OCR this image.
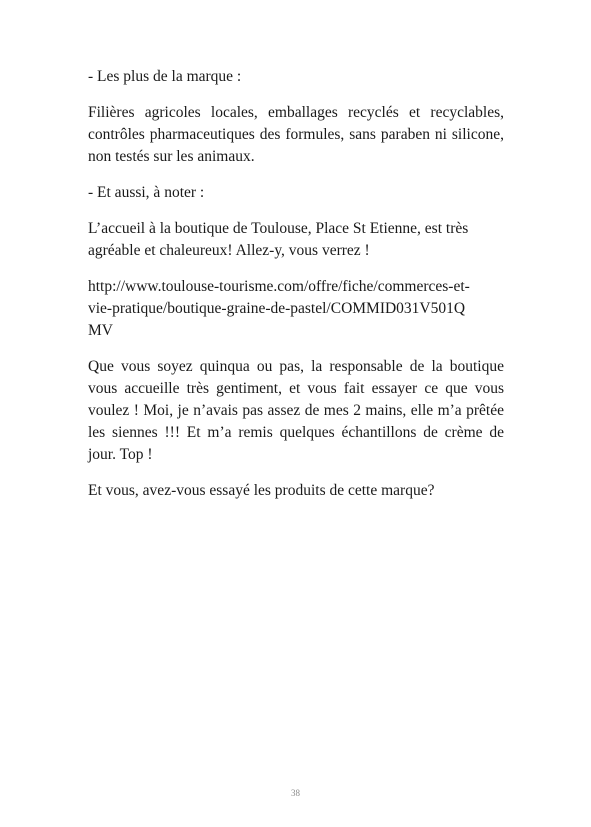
- Les plus de la marque :

Filières agricoles locales, emballages recyclés et recyclables, contrôles pharmaceutiques des formules, sans paraben ni silicone, non testés sur les animaux.

- Et aussi, à noter :

L’accueil à la boutique de Toulouse, Place St Etienne, est très agréable et chaleureux! Allez-y, vous verrez !

http://www.toulouse-tourisme.com/offre/fiche/commerces-et-
vie-pratique/boutique-graine-de-pastel/COMMID031V501Q
MV

Que vous soyez quinqua ou pas, la responsable de la boutique vous accueille très gentiment, et vous fait essayer ce que vous voulez ! Moi, je n’avais pas assez de mes 2 mains, elle m’a prêtée les siennes !!! Et m’a remis quelques échantillons de crème de jour. Top !

Et vous, avez-vous essayé les produits de cette marque?

38
